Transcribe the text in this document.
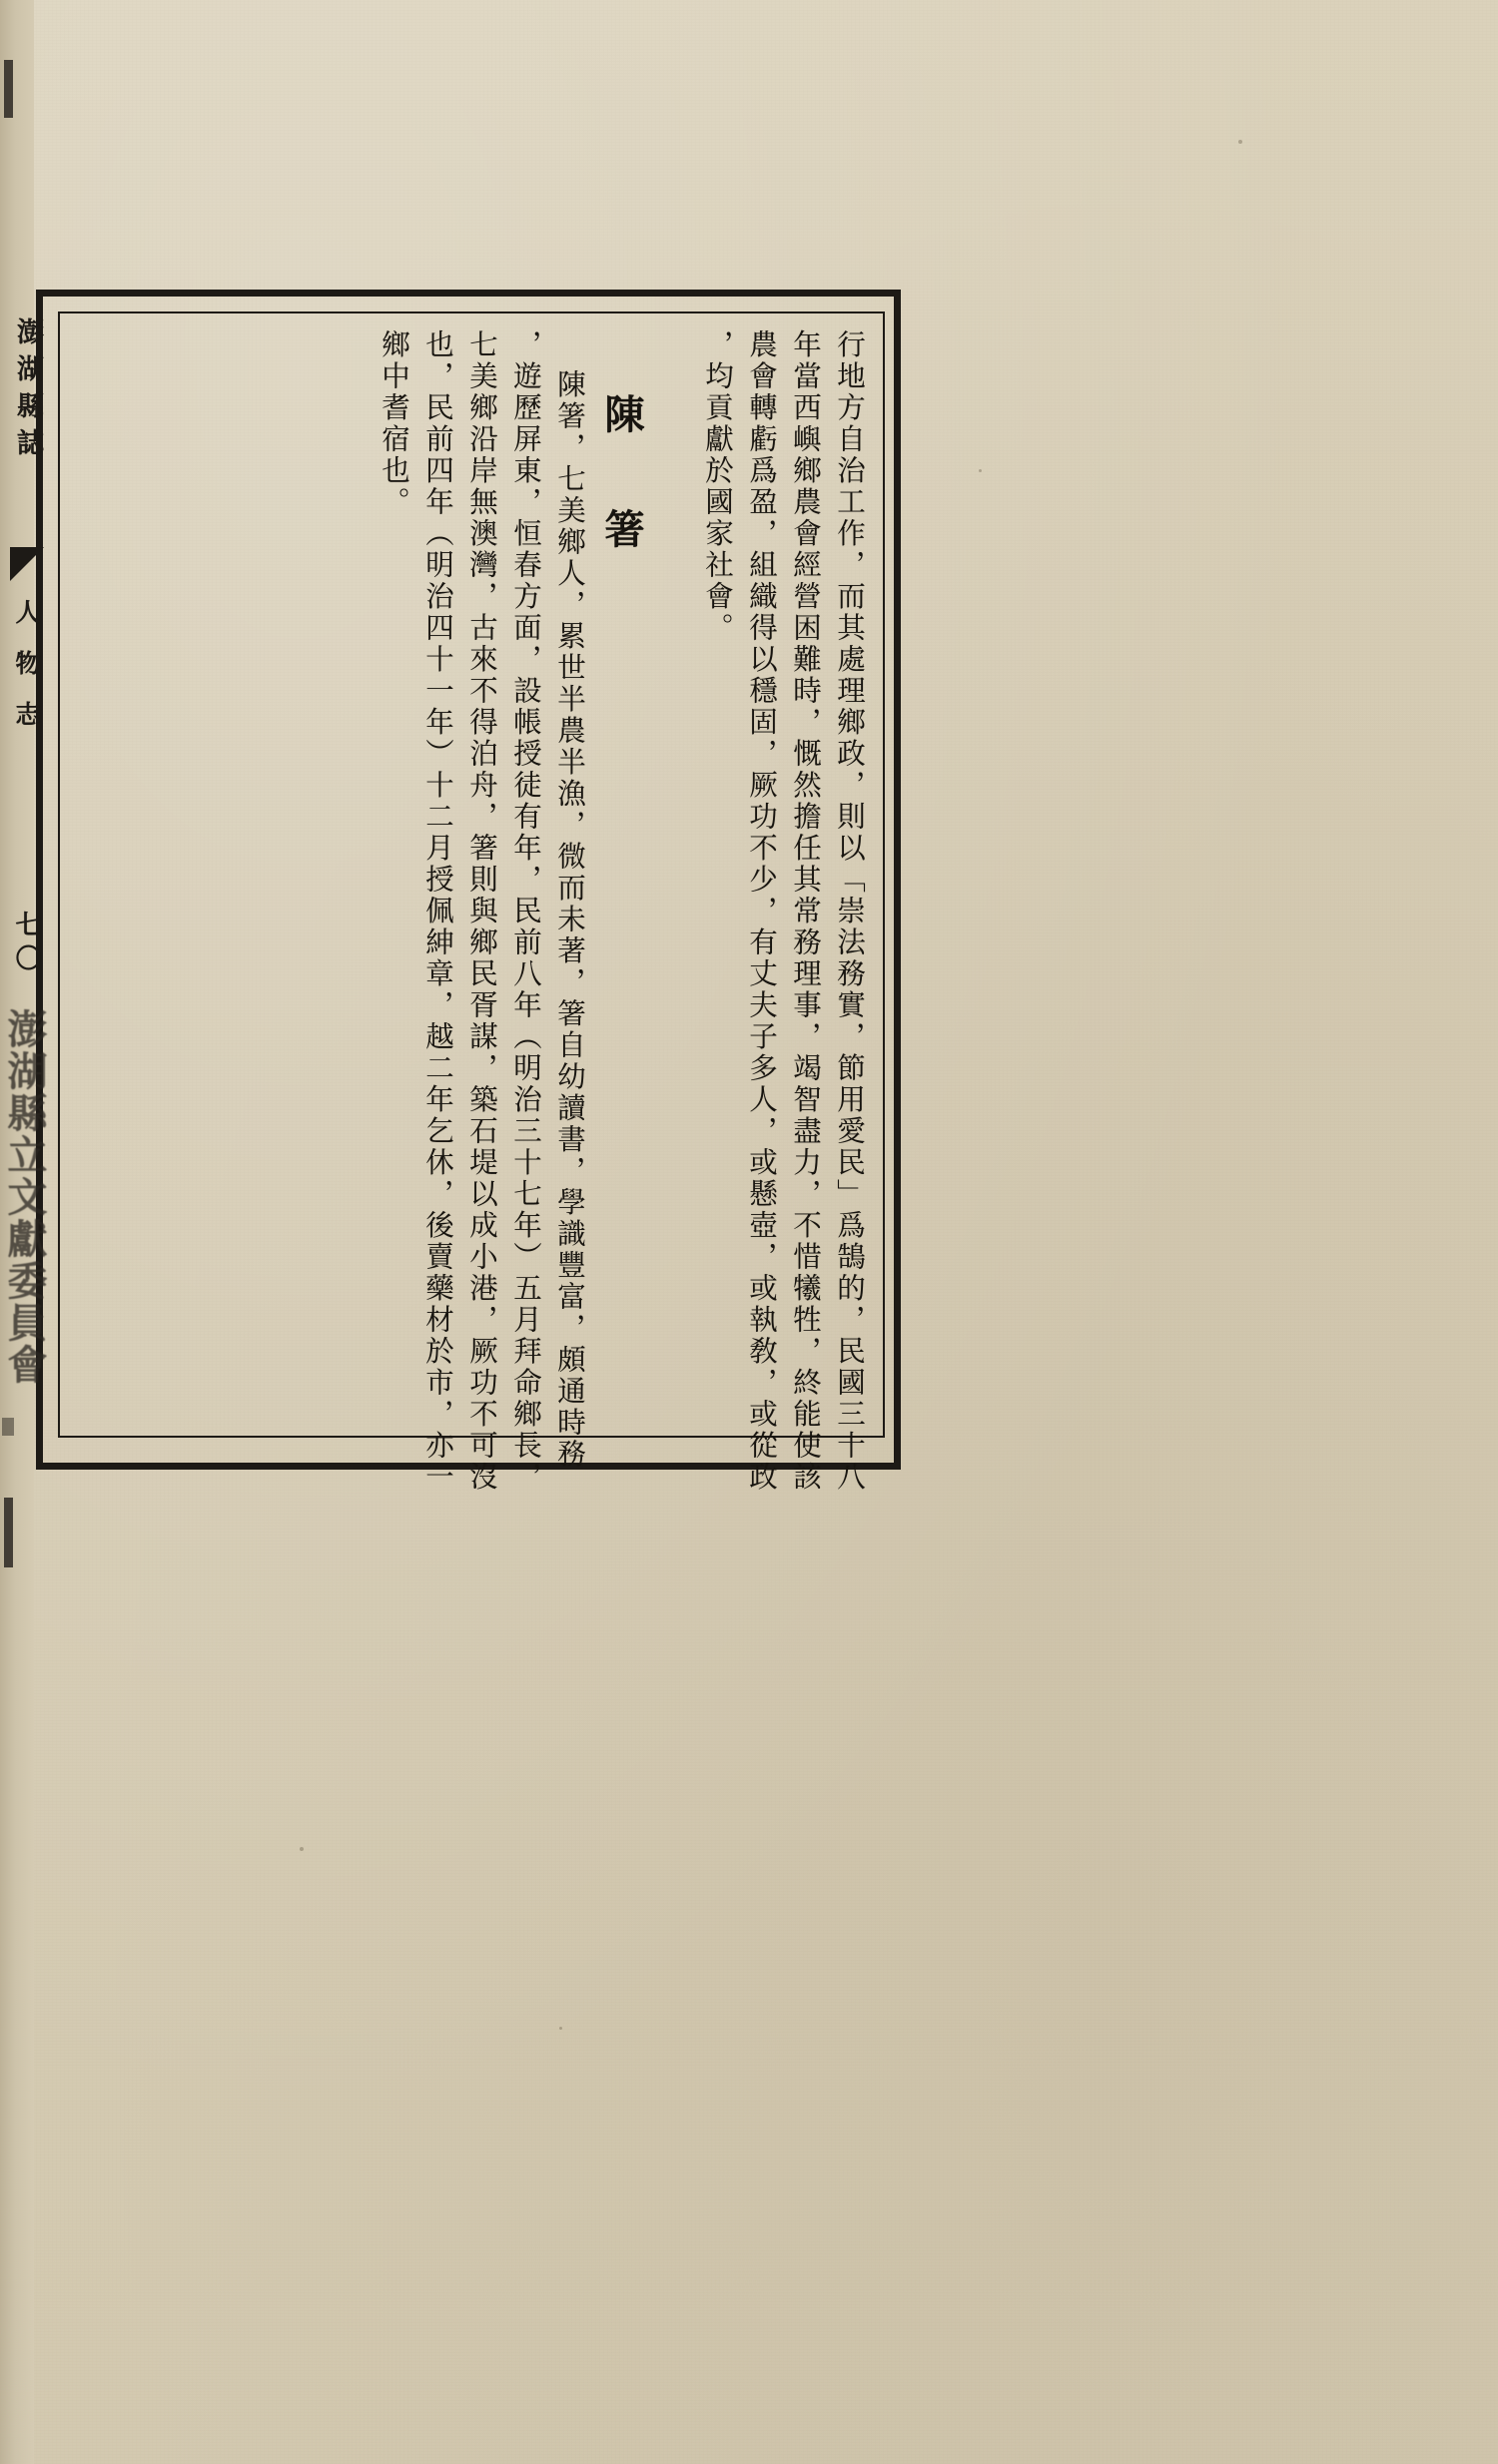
澎湖縣誌
人物志
七〇
澎湖縣立文獻委員會	行地方自治工作，而其處理鄉政，則以「崇法務實，節用愛民」爲鵠的，民國三十八
年當西嶼鄉農會經營困難時，慨然擔任其常務理事，竭智盡力，不惜犧牲，終能使該
農會轉虧爲盈，組織得以穩固，厥功不少，有丈夫子多人，或懸壺，或執敎，或從政
，均貢獻於國家社會。
陳 箸
陳箸，七美鄉人，累世半農半漁，微而未著，箸自幼讀書，學識豐富，頗通時務
，遊歷屏東，恒春方面，設帳授徒有年，民前八年（明治三十七年）五月拜命鄉長，
七美鄉沿岸無澳灣，古來不得泊舟，箸則與鄉民胥謀，築石堤以成小港，厥功不可沒
也，民前四年（明治四十一年）十二月授佩紳章，越二年乞休，後賣藥材於市，亦一
鄉中耆宿也。
